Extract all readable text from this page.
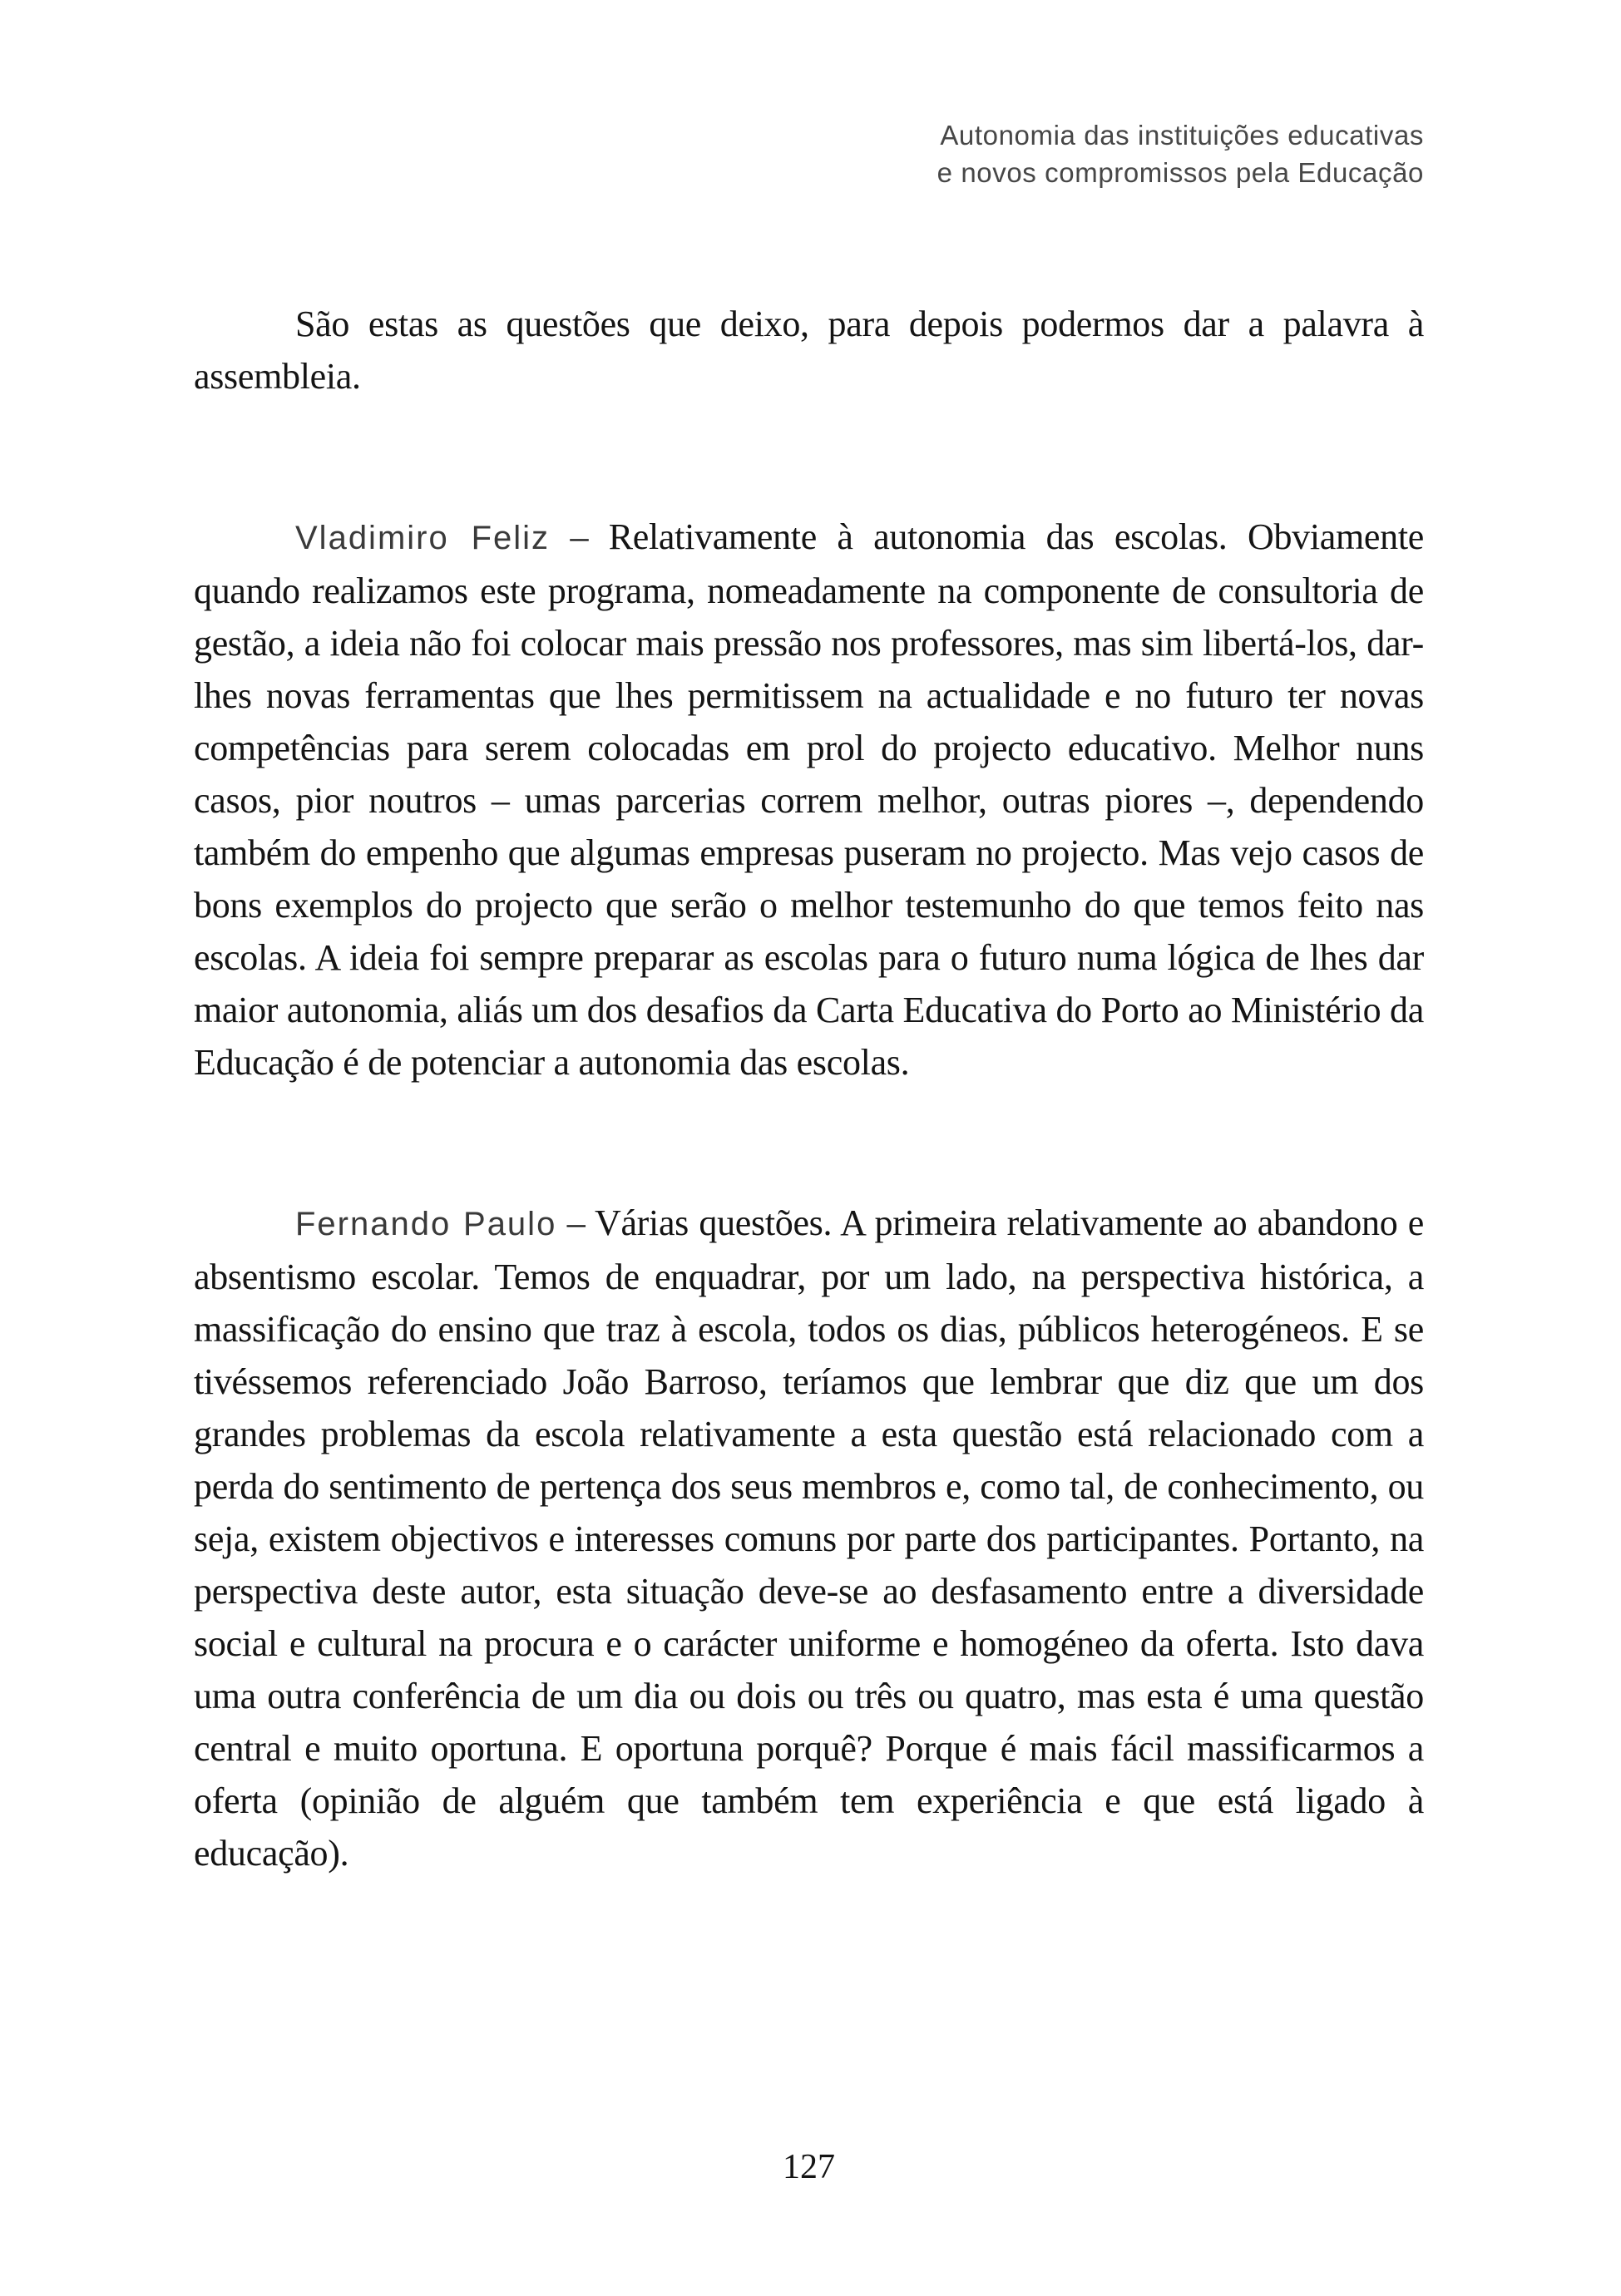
Autonomia das instituições educativas
e novos compromissos pela Educação

São estas as questões que deixo, para depois podermos dar a palavra à assembleia.

Vladimiro Feliz – Relativamente à autonomia das escolas. Obviamente quando realizamos este programa, nomeadamente na componente de consultoria de gestão, a ideia não foi colocar mais pressão nos professores, mas sim libertá-los, dar-lhes novas ferramentas que lhes permitissem na actualidade e no futuro ter novas competências para serem colocadas em prol do projecto educativo. Melhor nuns casos, pior noutros – umas parcerias correm melhor, outras piores –, dependendo também do empenho que algumas empresas puseram no projecto. Mas vejo casos de bons exemplos do projecto que serão o melhor testemunho do que temos feito nas escolas. A ideia foi sempre preparar as escolas para o futuro numa lógica de lhes dar maior autonomia, aliás um dos desafios da Carta Educativa do Porto ao Ministério da Educação é de potenciar a autonomia das escolas.

Fernando Paulo – Várias questões. A primeira relativamente ao abandono e absentismo escolar. Temos de enquadrar, por um lado, na perspectiva histórica, a massificação do ensino que traz à escola, todos os dias, públicos heterogéneos. E se tivéssemos referenciado João Barroso, teríamos que lembrar que diz que um dos grandes problemas da escola relativamente a esta questão está relacionado com a perda do sentimento de pertença dos seus membros e, como tal, de conhecimento, ou seja, existem objectivos e interesses comuns por parte dos participantes. Portanto, na perspectiva deste autor, esta situação deve-se ao desfasamento entre a diversidade social e cultural na procura e o carácter uniforme e homogéneo da oferta. Isto dava uma outra conferência de um dia ou dois ou três ou quatro, mas esta é uma questão central e muito oportuna. E oportuna porquê? Porque é mais fácil massificarmos a oferta (opinião de alguém que também tem experiência e que está ligado à educação).

127
